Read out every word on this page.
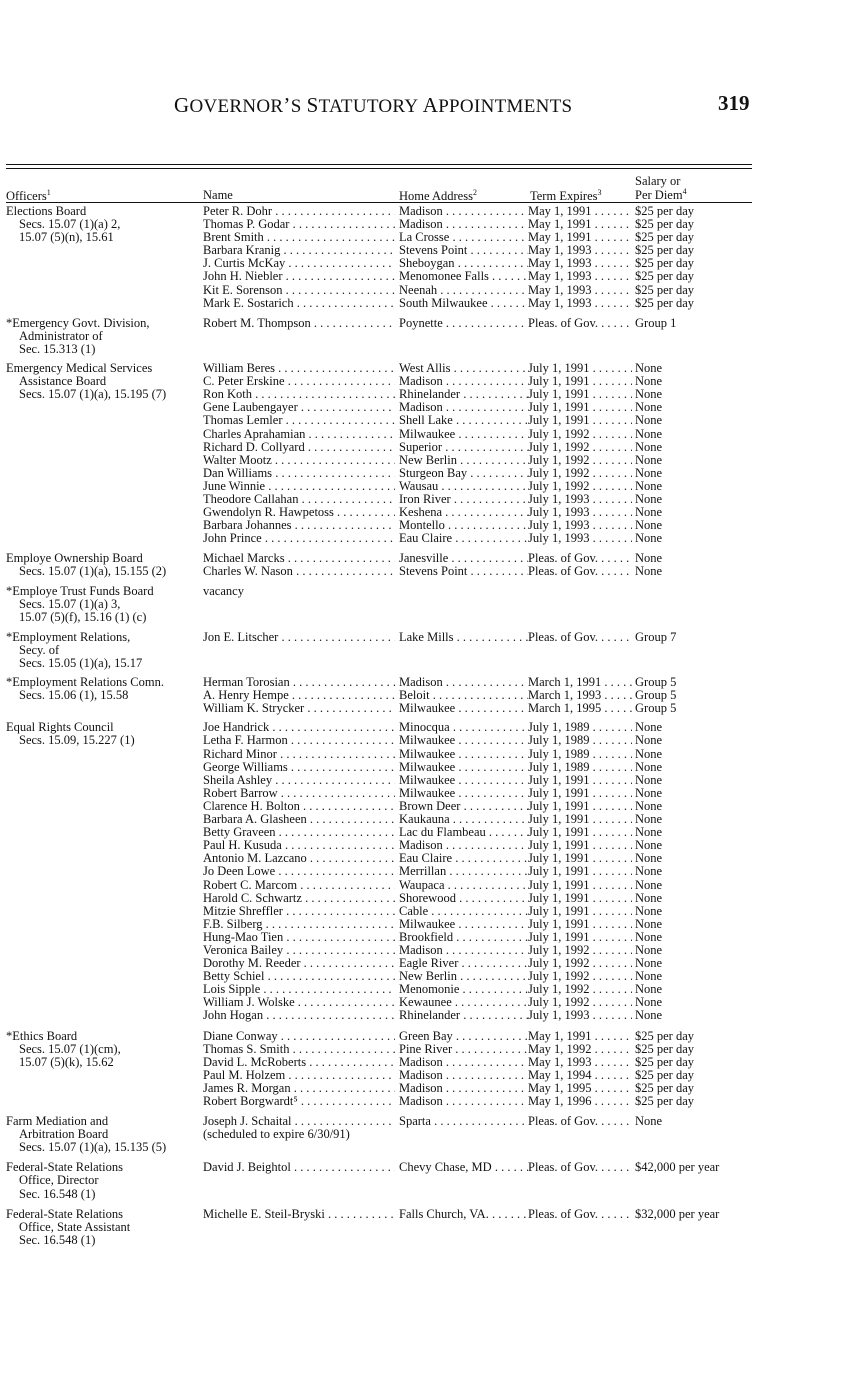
GOVERNOR’S STATUTORY APPOINTMENTS	319
Officers$^1$	Name	Home Address$^2$	Term Expires$^3$
Salary or
Per Diem$^4$
Elections Board
Secs. 15.07 (1)(a) 2,
15.07 (5)(n), 15.61
Peter R. Dohr . . .	Madison . . .	May 1, 1991 . . .	$25 per day
Thomas P. Godar . . .	Madison . . .	May 1, 1991 . . .	$25 per day
Brent Smith . . .	La Crosse . . .	May 1, 1991 . . .	$25 per day
Barbara Kranig . . .	Stevens Point . . .	May 1, 1993 . . .	$25 per day
J. Curtis McKay . . .	Sheboygan . . .	May 1, 1993 . . .	$25 per day
John H. Niebler . . .	Menomonee Falls . . .	May 1, 1993 . . .	$25 per day
Kit E. Sorenson . . .	Neenah . . .	May 1, 1993 . . .	$25 per day
Mark E. Sostarich . . .	South Milwaukee . . .	May 1, 1993 . . .	$25 per day
*Emergency Govt. Division,
Administrator of
Sec. 15.313 (1)
Robert M. Thompson . . .	Poynette . . .	Pleas. of Gov. . . .	Group 1
Emergency Medical Services
Assistance Board
Secs. 15.07 (1)(a), 15.195 (7)
William Beres . . .	West Allis . . .	July 1, 1991 . . .	None
C. Peter Erskine . . .	Madison . . .	July 1, 1991 . . .	None
Ron Koth . . .	Rhinelander . . .	July 1, 1991 . . .	None
Gene Laubengayer . . .	Madison . . .	July 1, 1991 . . .	None
Thomas Lemler . . .	Shell Lake . . .	July 1, 1991 . . .	None
Charles Aprahamian . . .	Milwaukee . . .	July 1, 1992 . . .	None
Richard D. Collyard . . .	Superior . . .	July 1, 1992 . . .	None
Walter Mootz . . .	New Berlin . . .	July 1, 1992 . . .	None
Dan Williams . . .	Sturgeon Bay . . .	July 1, 1992 . . .	None
June Winnie . . .	Wausau . . .	July 1, 1992 . . .	None
Theodore Callahan . . .	Iron River . . .	July 1, 1993 . . .	None
Gwendolyn R. Hawpetoss . . .	Keshena . . .	July 1, 1993 . . .	None
Barbara Johannes . . .	Montello . . .	July 1, 1993 . . .	None
John Prince . . .	Eau Claire . . .	July 1, 1993 . . .	None
Employe Ownership Board
Secs. 15.07 (1)(a), 15.155 (2)
Michael Marcks . . .	Janesville . . .	Pleas. of Gov. . . .	None
Charles W. Nason . . .	Stevens Point . . .	Pleas. of Gov. . . .	None
*Employe Trust Funds Board
Secs. 15.07 (1)(a) 3,
15.07 (5)(f), 15.16 (1) (c)
vacancy
*Employment Relations,
Secy. of
Secs. 15.05 (1)(a), 15.17
Jon E. Litscher . . .	Lake Mills . . .	Pleas. of Gov. . . .	Group 7
*Employment Relations Comn.
Secs. 15.06 (1), 15.58
Herman Torosian . . .	Madison . . .	March 1, 1991 . . .	Group 5
A. Henry Hempe . . .	Beloit . . .	March 1, 1993 . . .	Group 5
William K. Strycker . . .	Milwaukee . . .	March 1, 1995 . . .	Group 5
Equal Rights Council
Secs. 15.09, 15.227 (1)
Joe Handrick . . .	Minocqua . . .	July 1, 1989 . . .	None
Letha F. Harmon . . .	Milwaukee . . .	July 1, 1989 . . .	None
Richard Minor . . .	Milwaukee . . .	July 1, 1989 . . .	None
George Williams . . .	Milwaukee . . .	July 1, 1989 . . .	None
Sheila Ashley . . .	Milwaukee . . .	July 1, 1991 . . .	None
Robert Barrow . . .	Milwaukee . . .	July 1, 1991 . . .	None
Clarence H. Bolton . . .	Brown Deer . . .	July 1, 1991 . . .	None
Barbara A. Glasheen . . .	Kaukauna . . .	July 1, 1991 . . .	None
Betty Graveen . . .	Lac du Flambeau . . .	July 1, 1991 . . .	None
Paul H. Kusuda . . .	Madison . . .	July 1, 1991 . . .	None
Antonio M. Lazcano . . .	Eau Claire . . .	July 1, 1991 . . .	None
Jo Deen Lowe . . .	Merrillan . . .	July 1, 1991 . . .	None
Robert C. Marcom . . .	Waupaca . . .	July 1, 1991 . . .	None
Harold C. Schwartz . . .	Shorewood . . .	July 1, 1991 . . .	None
Mitzie Shreffler . . .	Cable . . .	July 1, 1991 . . .	None
F.B. Silberg . . .	Milwaukee . . .	July 1, 1991 . . .	None
Hung-Mao Tien . . .	Brookfield . . .	July 1, 1991 . . .	None
Veronica Bailey . . .	Madison . . .	July 1, 1992 . . .	None
Dorothy M. Reeder . . .	Eagle River . . .	July 1, 1992 . . .	None
Betty Schiel . . .	New Berlin . . .	July 1, 1992 . . .	None
Lois Sipple . . .	Menomonie . . .	July 1, 1992 . . .	None
William J. Wolske . . .	Kewaunee . . .	July 1, 1992 . . .	None
John Hogan . . .	Rhinelander . . .	July 1, 1993 . . .	None
*Ethics Board
Secs. 15.07 (1)(cm),
15.07 (5)(k), 15.62
Diane Conway . . .	Green Bay . . .	May 1, 1991 . . .	$25 per day
Thomas S. Smith . . .	Pine River . . .	May 1, 1992 . . .	$25 per day
David L. McRoberts . . .	Madison . . .	May 1, 1993 . . .	$25 per day
Paul M. Holzem . . .	Madison . . .	May 1, 1994 . . .	$25 per day
James R. Morgan . . .	Madison . . .	May 1, 1995 . . .	$25 per day
Robert Borgwardt⁵ . . .	Madison . . .	May 1, 1996 . . .	$25 per day
Farm Mediation and
Arbitration Board
Secs. 15.07 (1)(a), 15.135 (5)
Joseph J. Schaital . . .	Sparta . . .	Pleas. of Gov. . . .	None
(scheduled to expire 6/30/91)
Federal-State Relations
Office, Director
Sec. 16.548 (1)
David J. Beightol . . .	Chevy Chase, MD . . .	Pleas. of Gov. . . .	$42,000 per year
Federal-State Relations
Office, State Assistant
Sec. 16.548 (1)
Michelle E. Steil-Bryski . . .	Falls Church, VA. . . .	Pleas. of Gov. . . .	$32,000 per year
